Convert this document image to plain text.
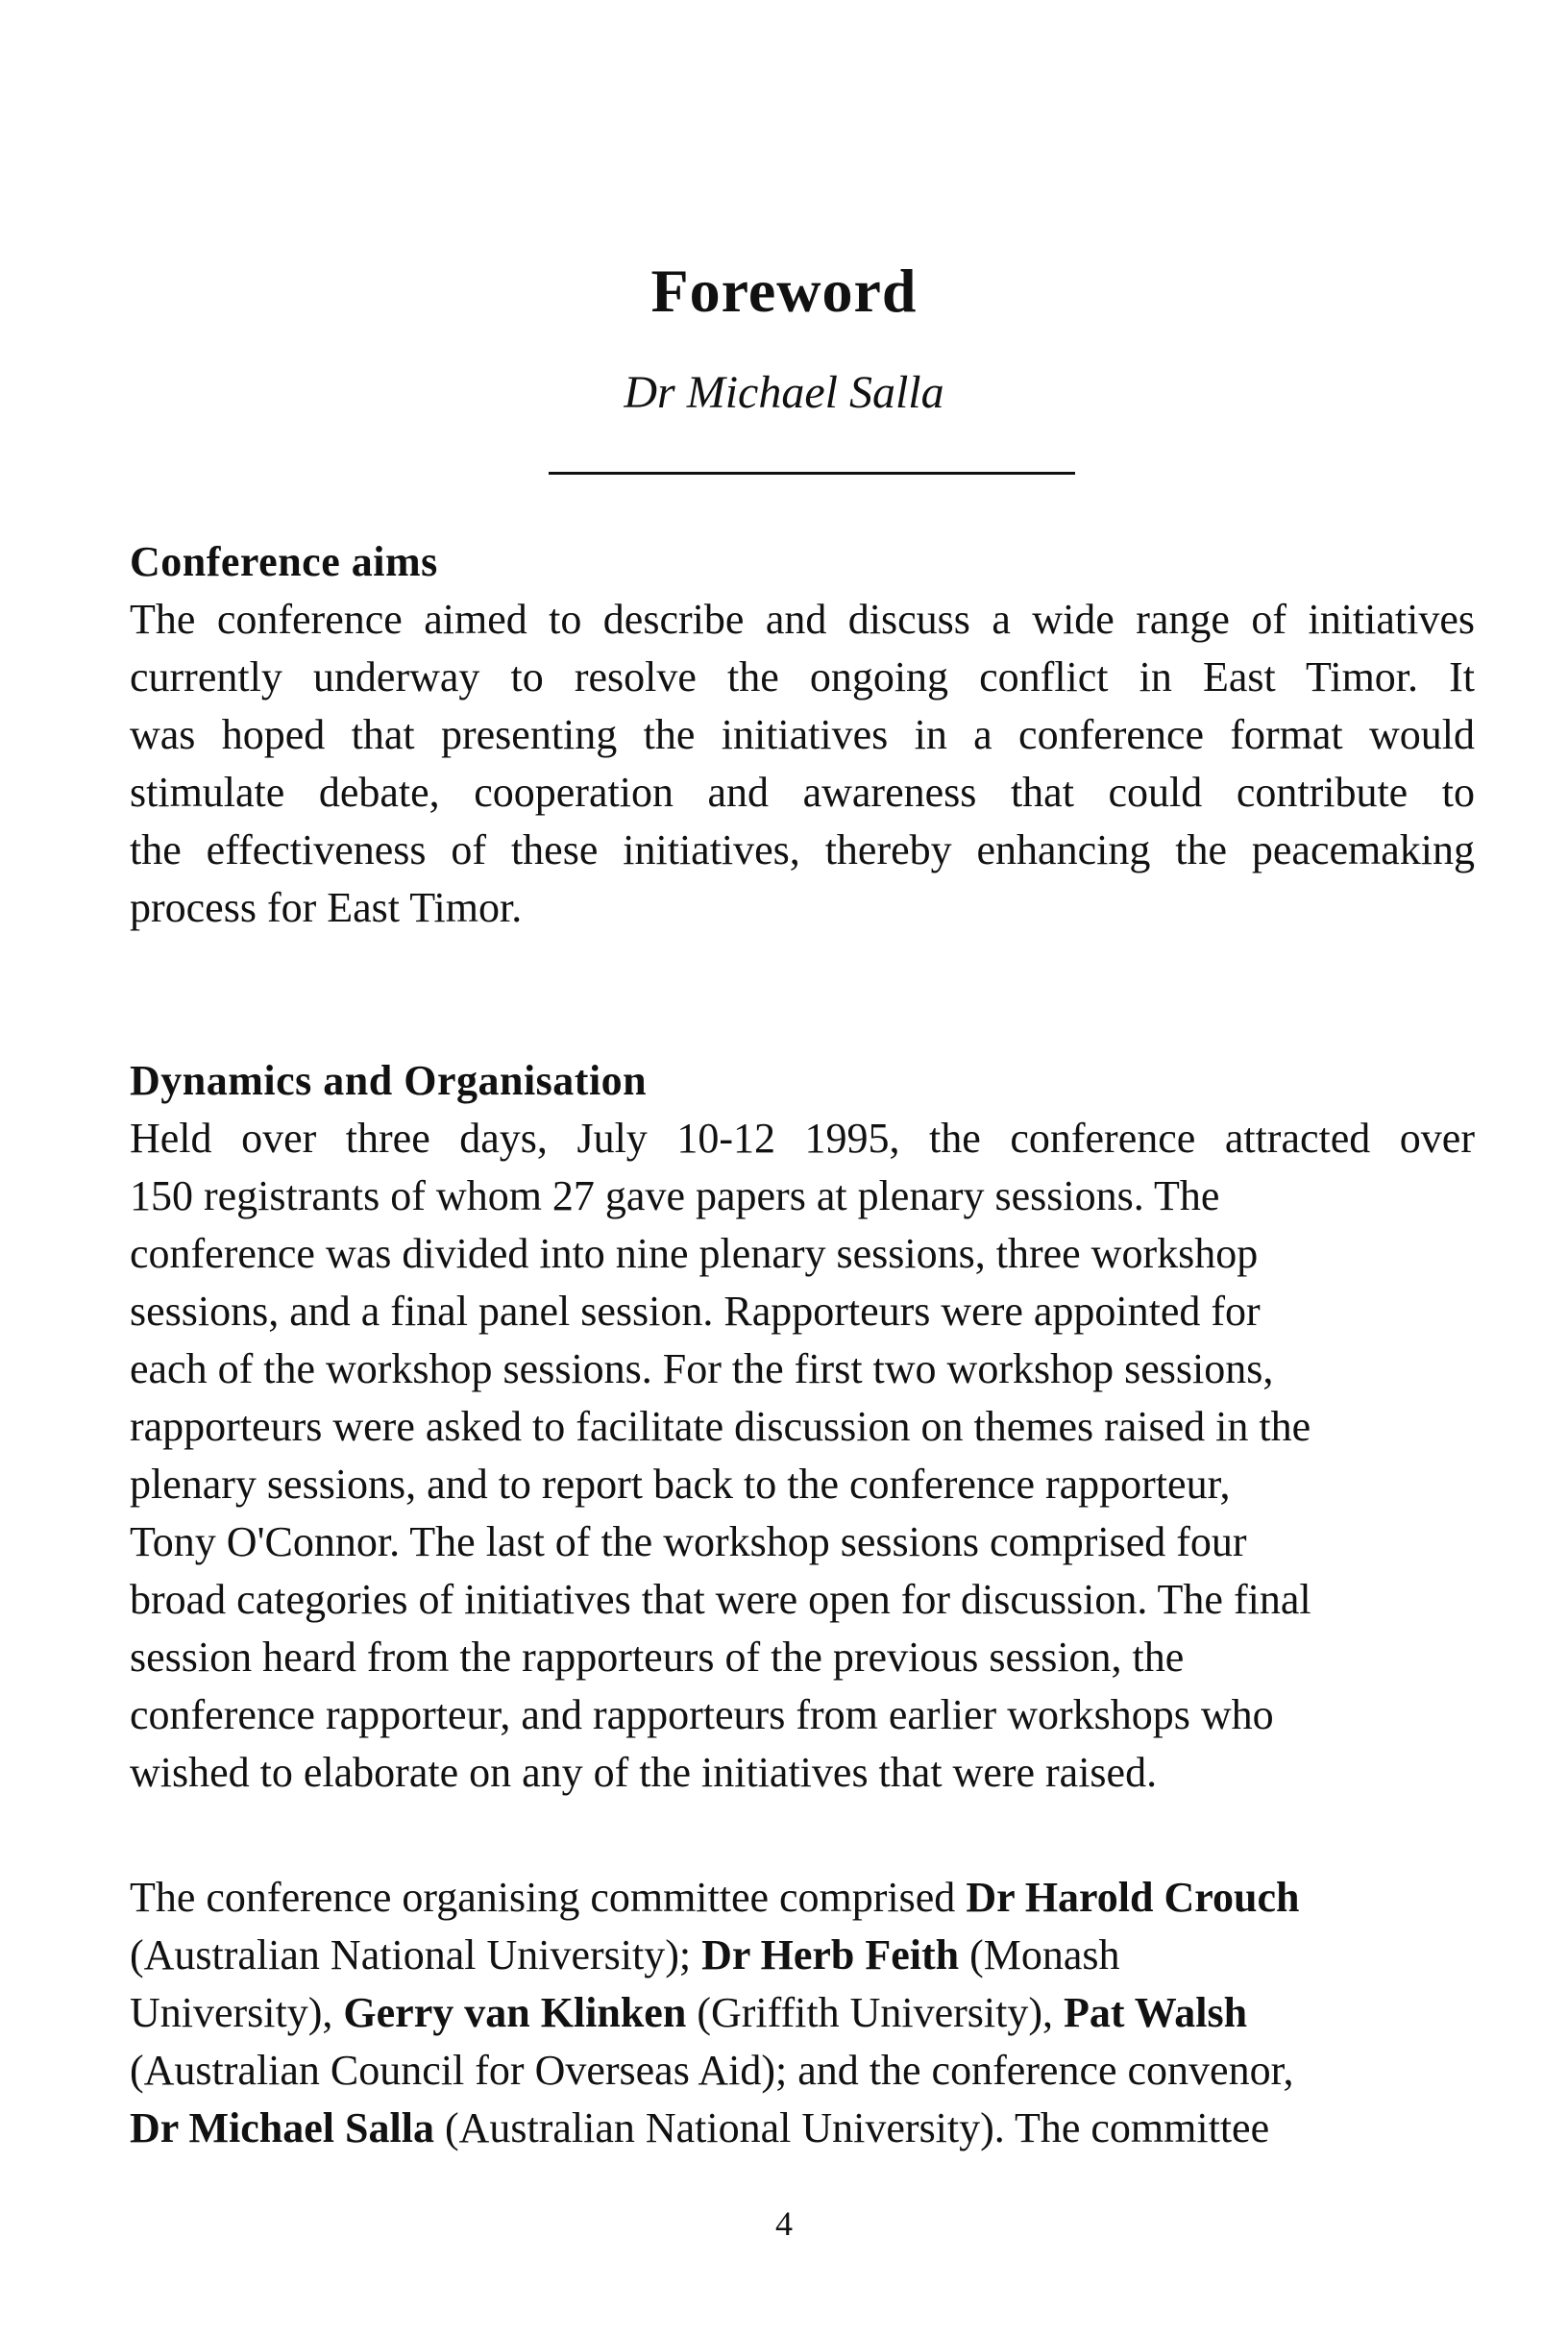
Foreword
Dr Michael Salla
Conference aims
The conference aimed to describe and discuss a wide range of initiatives
currently underway to resolve the ongoing conflict in East Timor. It
was hoped that presenting the initiatives in a conference format would
stimulate debate, cooperation and awareness that could contribute to
the effectiveness of these initiatives, thereby enhancing the peacemaking
process for East Timor.
Dynamics and Organisation
Held over three days, July 10-12 1995, the conference attracted over
150 registrants of whom 27 gave papers at plenary sessions. The
conference was divided into nine plenary sessions, three workshop
sessions, and a final panel session. Rapporteurs were appointed for
each of the workshop sessions. For the first two workshop sessions,
rapporteurs were asked to facilitate discussion on themes raised in the
plenary sessions, and to report back to the conference rapporteur,
Tony O'Connor. The last of the workshop sessions comprised four
broad categories of initiatives that were open for discussion. The final
session heard from the rapporteurs of the previous session, the
conference rapporteur, and rapporteurs from earlier workshops who
wished to elaborate on any of the initiatives that were raised.
The conference organising committee comprised Dr Harold Crouch
(Australian National University); Dr Herb Feith (Monash
University), Gerry van Klinken (Griffith University), Pat Walsh
(Australian Council for Overseas Aid); and the conference convenor,
Dr Michael Salla (Australian National University). The committee
4
